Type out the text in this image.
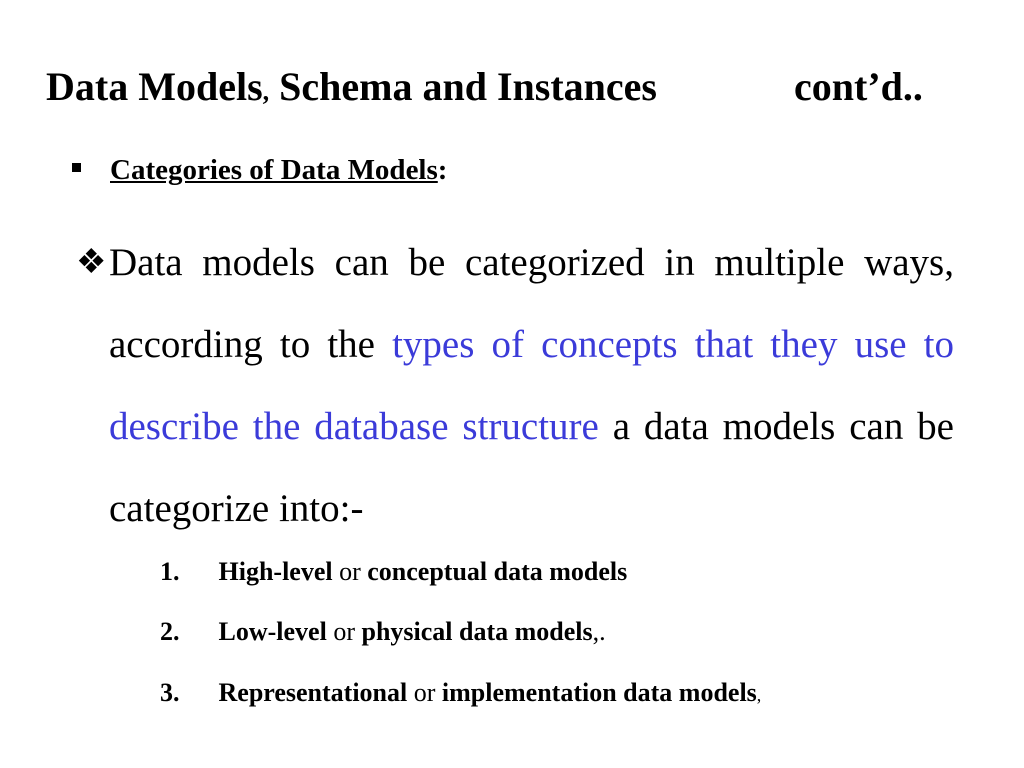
Data Models, Schema and Instances	cont’d..
Categories of Data Models:
❖ Data models can be categorized in multiple ways, according to the types of concepts that they use to describe the database structure a data models can be categorize into:-
1. High-level or conceptual data models
2. Low-level or physical data models,.
3. Representational or implementation data models,
